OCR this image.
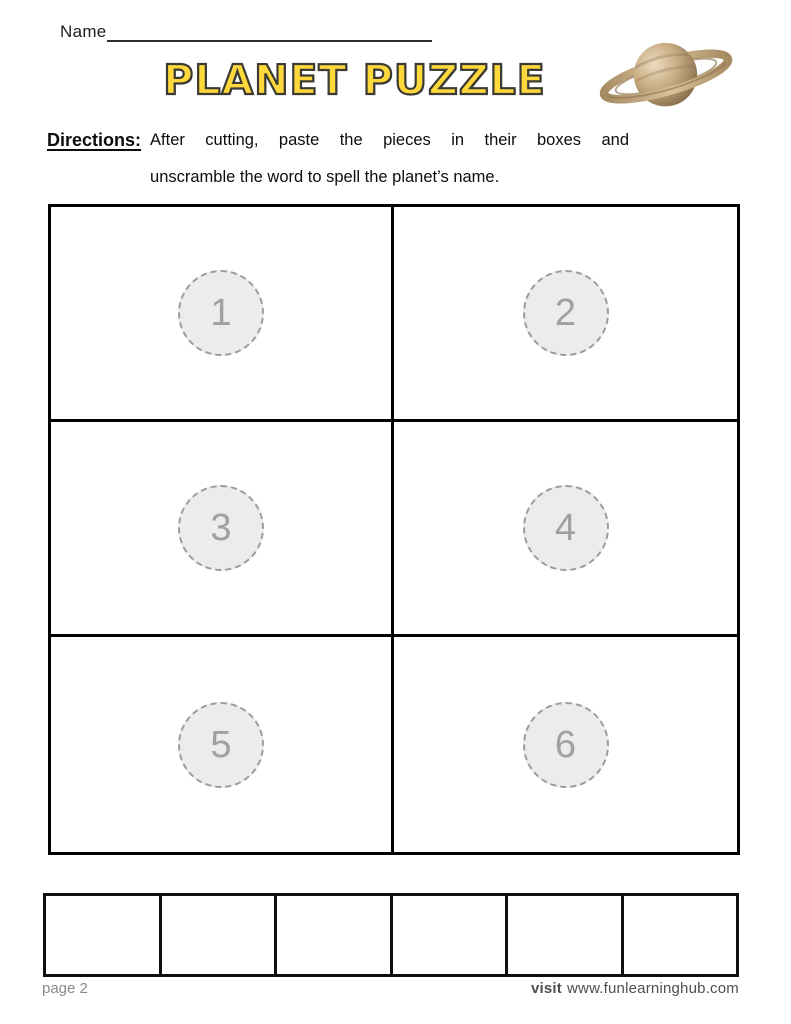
Name
PLANET PUZZLE
Directions: After cutting, paste the pieces in their boxes and
unscramble the word to spell the planet’s name.
1	2
3	4
5	6
page 2	visit www.funlearninghub.com
